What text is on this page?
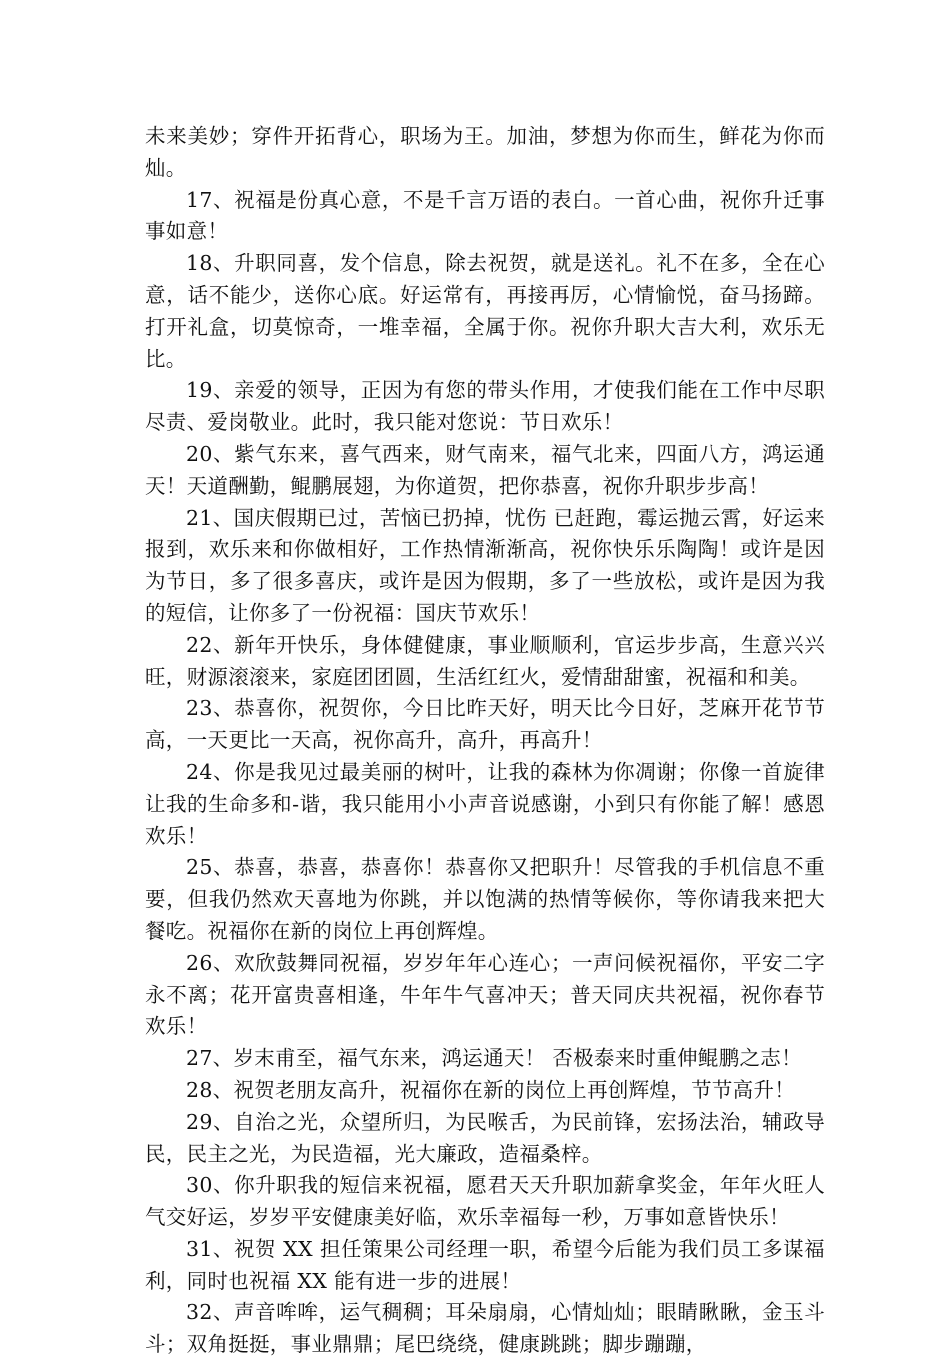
未来美妙；穿件开拓背心，职场为王。加油，梦想为你而生，鲜花为你而灿。

17、祝福是份真心意，不是千言万语的表白。一首心曲，祝你升迁事事如意！

18、升职同喜，发个信息，除去祝贺，就是送礼。礼不在多，全在心意，话不能少，送你心底。好运常有，再接再厉，心情愉悦，奋马扬蹄。打开礼盒，切莫惊奇，一堆幸福，全属于你。祝你升职大吉大利，欢乐无比。

19、亲爱的领导，正因为有您的带头作用，才使我们能在工作中尽职尽责、爱岗敬业。此时，我只能对您说：节日欢乐！

20、紫气东来，喜气西来，财气南来，福气北来，四面八方，鸿运通天！天道酬勤，鲲鹏展翅，为你道贺，把你恭喜，祝你升职步步高！

21、国庆假期已过，苦恼已扔掉，忧伤 已赶跑，霉运抛云霄，好运来报到，欢乐来和你做相好，工作热情渐渐高，祝你快乐乐陶陶！或许是因为节日，多了很多喜庆，或许是因为假期，多了一些放松，或许是因为我的短信，让你多了一份祝福：国庆节欢乐！

22、新年开快乐，身体健健康，事业顺顺利，官运步步高，生意兴兴旺，财源滚滚来，家庭团团圆，生活红红火，爱情甜甜蜜，祝福和和美。

23、恭喜你，祝贺你，今日比昨天好，明天比今日好，芝麻开花节节高，一天更比一天高，祝你高升，高升，再高升！

24、你是我见过最美丽的树叶，让我的森林为你凋谢；你像一首旋律让我的生命多和-谐，我只能用小小声音说感谢，小到只有你能了解！感恩欢乐！

25、恭喜，恭喜，恭喜你！恭喜你又把职升！尽管我的手机信息不重要，但我仍然欢天喜地为你跳，并以饱满的热情等候你，等你请我来把大餐吃。祝福你在新的岗位上再创辉煌。

26、欢欣鼓舞同祝福，岁岁年年心连心；一声问候祝福你，平安二字永不离；花开富贵喜相逢，牛年牛气喜冲天；普天同庆共祝福，祝你春节欢乐！

27、岁末甫至，福气东来，鸿运通天！ 否极泰来时重伸鲲鹏之志！

28、祝贺老朋友高升，祝福你在新的岗位上再创辉煌，节节高升！

29、自治之光，众望所归，为民喉舌，为民前锋，宏扬法治，辅政导民，民主之光，为民造福，光大廉政，造福桑梓。

30、你升职我的短信来祝福，愿君天天升职加薪拿奖金，年年火旺人气交好运，岁岁平安健康美好临，欢乐幸福每一秒，万事如意皆快乐！

31、祝贺 XX 担任策果公司经理一职，希望今后能为我们员工多谋福利，同时也祝福 XX 能有进一步的进展！

32、声音哞哞，运气稠稠；耳朵扇扇，心情灿灿；眼睛瞅瞅，金玉斗斗；双角挺挺，事业鼎鼎；尾巴绕绕，健康跳跳；脚步蹦蹦，
